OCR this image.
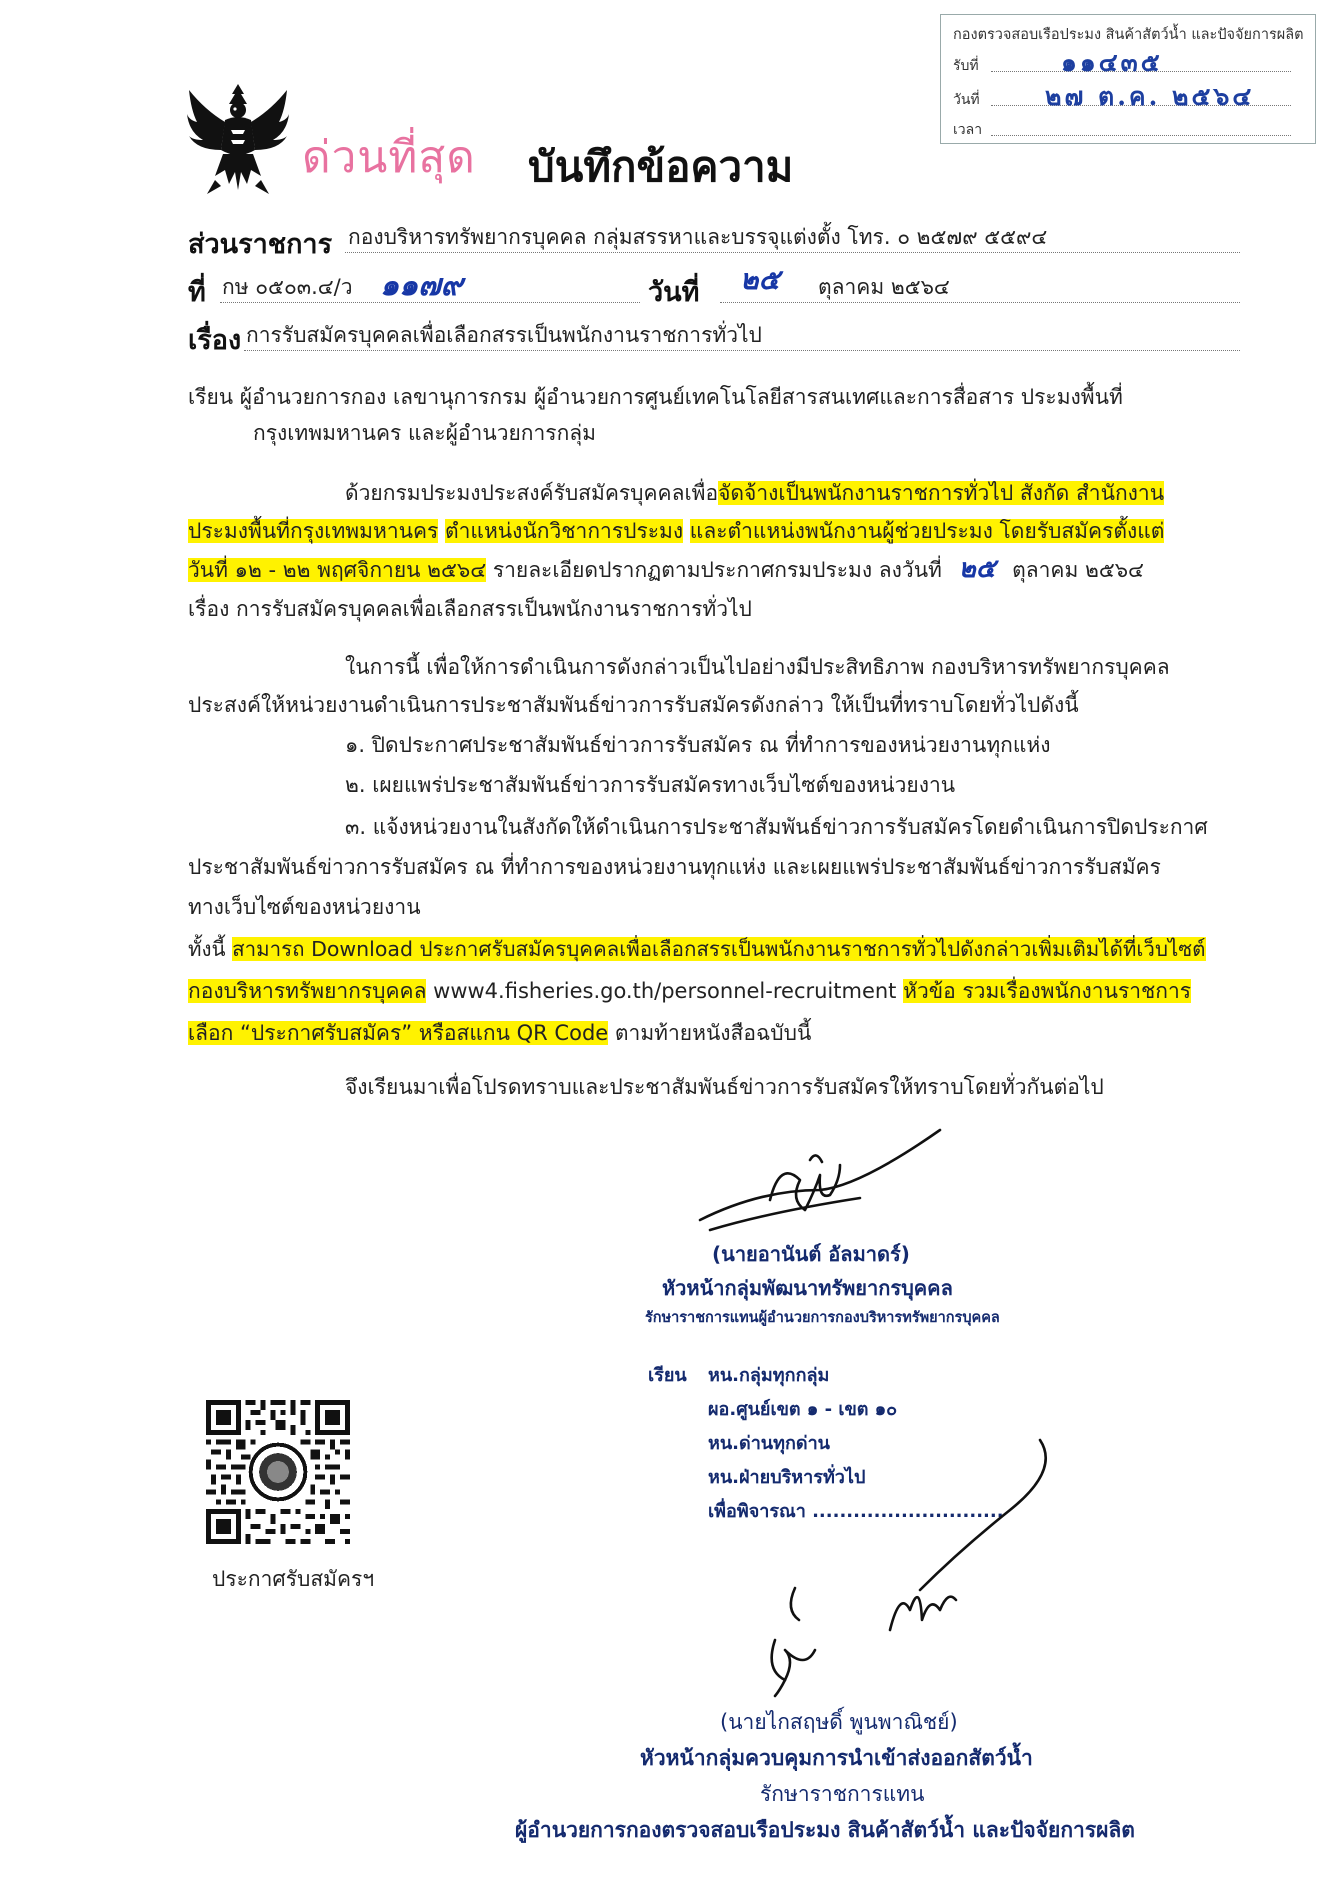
กองตรวจสอบเรือประมง สินค้าสัตว์น้ำ และปัจจัยการผลิต
รับที่	๑๑๔๓๕
วันที่	๒๗ ต.ค. ๒๕๖๔
เวลา
ด่วนที่สุด บันทึกข้อความ
ส่วนราชการ กองบริหารทรัพยากรบุคคล กลุ่มสรรหาและบรรจุแต่งตั้ง โทร. ๐ ๒๕๗๙ ๕๕๙๔
ที่ กษ ๐๕๐๓.๔/ว ๑๑๗๙	วันที่ ๒๕ ตุลาคม ๒๕๖๔
เรื่อง การรับสมัครบุคคลเพื่อเลือกสรรเป็นพนักงานราชการทั่วไป
เรียน ผู้อำนวยการกอง เลขานุการกรม ผู้อำนวยการศูนย์เทคโนโลยีสารสนเทศและการสื่อสาร ประมงพื้นที่
กรุงเทพมหานคร และผู้อำนวยการกลุ่ม
ด้วยกรมประมงประสงค์รับสมัครบุคคลเพื่อจัดจ้างเป็นพนักงานราชการทั่วไป สังกัด สำนักงาน
ประมงพื้นที่กรุงเทพมหานคร ตำแหน่งนักวิชาการประมง และตำแหน่งพนักงานผู้ช่วยประมง โดยรับสมัครตั้งแต่
วันที่ ๑๒ - ๒๒ พฤศจิกายน ๒๕๖๔ รายละเอียดปรากฏตามประกาศกรมประมง ลงวันที่ ๒๕ ตุลาคม ๒๕๖๔
เรื่อง การรับสมัครบุคคลเพื่อเลือกสรรเป็นพนักงานราชการทั่วไป
ในการนี้ เพื่อให้การดำเนินการดังกล่าวเป็นไปอย่างมีประสิทธิภาพ กองบริหารทรัพยากรบุคคล
ประสงค์ให้หน่วยงานดำเนินการประชาสัมพันธ์ข่าวการรับสมัครดังกล่าว ให้เป็นที่ทราบโดยทั่วไปดังนี้
๑. ปิดประกาศประชาสัมพันธ์ข่าวการรับสมัคร ณ ที่ทำการของหน่วยงานทุกแห่ง
๒. เผยแพร่ประชาสัมพันธ์ข่าวการรับสมัครทางเว็บไซต์ของหน่วยงาน
๓. แจ้งหน่วยงานในสังกัดให้ดำเนินการประชาสัมพันธ์ข่าวการรับสมัครโดยดำเนินการปิดประกาศ
ประชาสัมพันธ์ข่าวการรับสมัคร ณ ที่ทำการของหน่วยงานทุกแห่ง และเผยแพร่ประชาสัมพันธ์ข่าวการรับสมัคร
ทางเว็บไซต์ของหน่วยงาน
ทั้งนี้ สามารถ Download ประกาศรับสมัครบุคคลเพื่อเลือกสรรเป็นพนักงานราชการทั่วไปดังกล่าวเพิ่มเติมได้ที่เว็บไซต์
กองบริหารทรัพยากรบุคคล www4.fisheries.go.th/personnel-recruitment หัวข้อ รวมเรื่องพนักงานราชการ
เลือก “ประกาศรับสมัคร” หรือสแกน QR Code ตามท้ายหนังสือฉบับนี้
จึงเรียนมาเพื่อโปรดทราบและประชาสัมพันธ์ข่าวการรับสมัครให้ทราบโดยทั่วกันต่อไป
(นายอานันต์ อัลมาดร์)
หัวหน้ากลุ่มพัฒนาทรัพยากรบุคคล
รักษาราชการแทนผู้อำนวยการกองบริหารทรัพยากรบุคคล
เรียน หน.กลุ่มทุกกลุ่ม
ผอ.ศูนย์เขต ๑ - เขต ๑๐
หน.ด่านทุกด่าน
หน.ฝ่ายบริหารทั่วไป
เพื่อพิจารณา ............................
ประกาศรับสมัครฯ
(นายไกสฤษดิ์ พูนพาณิชย์)
หัวหน้ากลุ่มควบคุมการนำเข้าส่งออกสัตว์น้ำ
รักษาราชการแทน
ผู้อำนวยการกองตรวจสอบเรือประมง สินค้าสัตว์น้ำ และปัจจัยการผลิต
